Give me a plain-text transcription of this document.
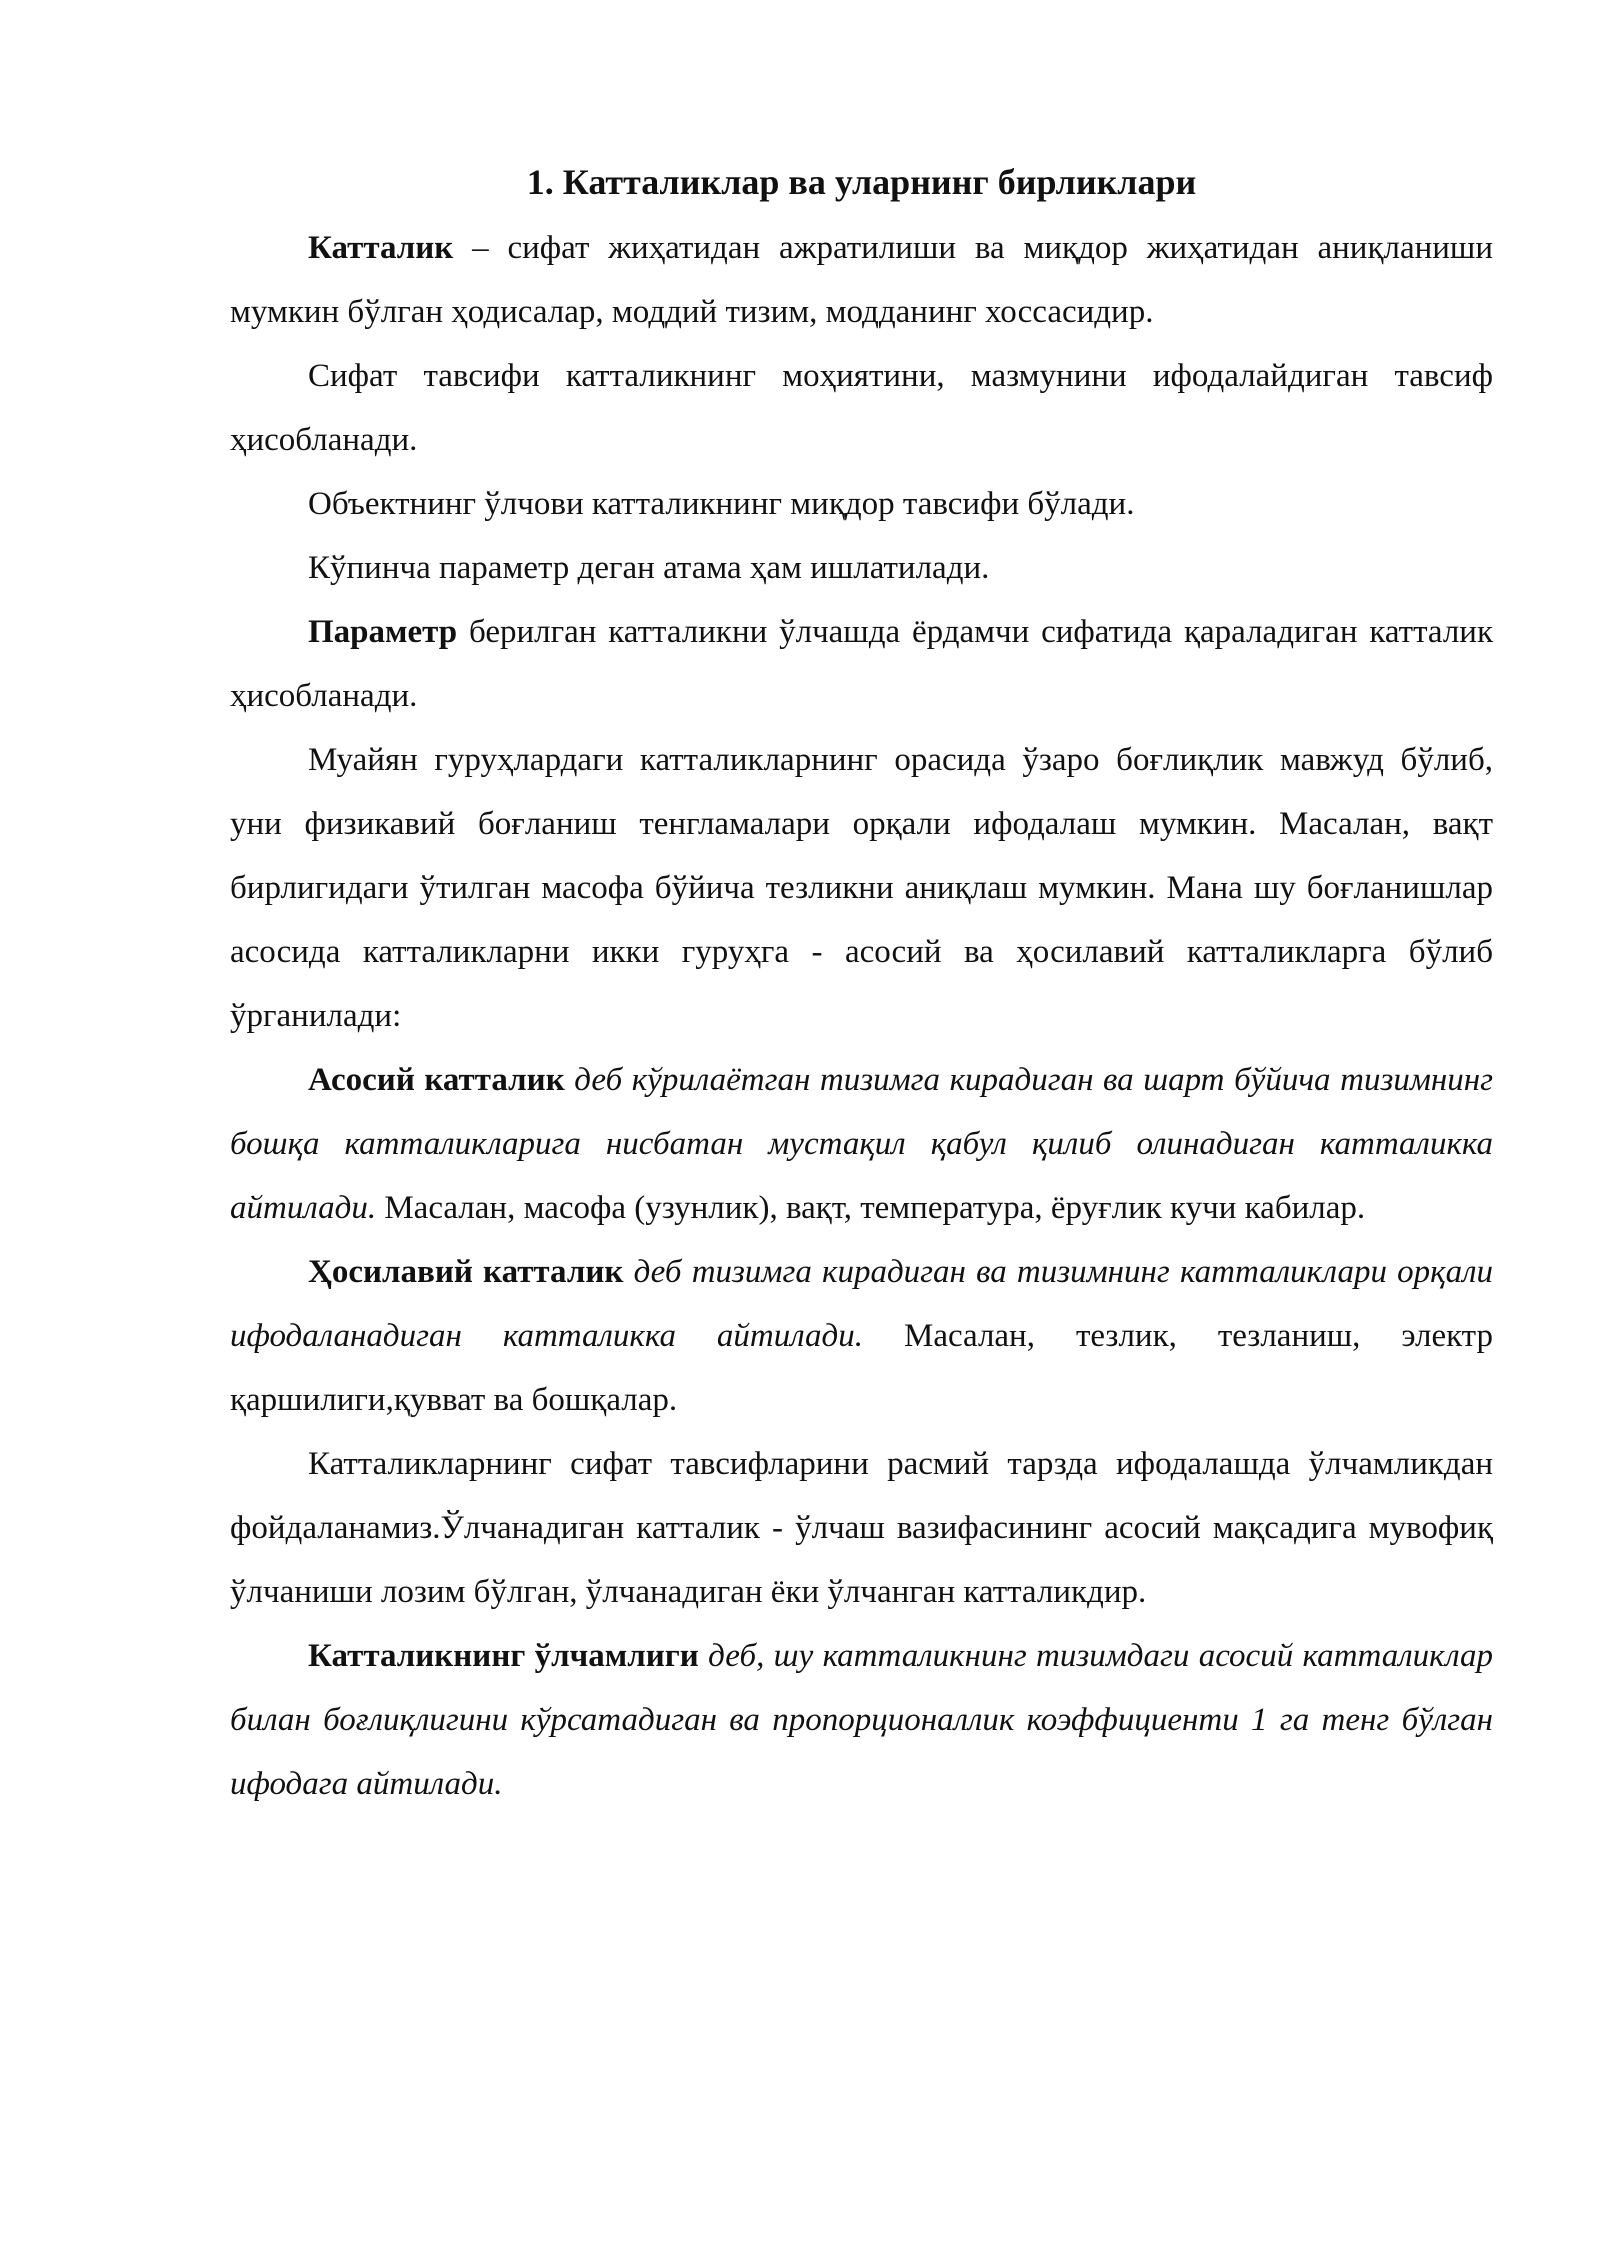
1. Катталиклар ва уларнинг бирликлари

Катталик – сифат жиҳатидан ажратилиши ва миқдор жиҳатидан аниқланиши мумкин бўлган ҳодисалар, моддий тизим, модданинг хоссасидир.

Сифат тавсифи катталикнинг моҳиятини, мазмунини ифодалайдиган тавсиф ҳисобланади.

Объектнинг ўлчови катталикнинг миқдор тавсифи бўлади.

Кўпинча параметр деган атама ҳам ишлатилади.

Параметр берилган катталикни ўлчашда ёрдамчи сифатида қараладиган катталик ҳисобланади.

Муайян гуруҳлардаги катталикларнинг орасида ўзаро боғлиқлик мавжуд бўлиб, уни физикавий боғланиш тенгламалари орқали ифодалаш мумкин. Масалан, вақт бирлигидаги ўтилган масофа бўйича тезликни аниқлаш мумкин. Мана шу боғланишлар асосида катталикларни икки гуруҳга - асосий ва ҳосилавий катталикларга бўлиб ўрганилади:

Асосий катталик деб кўрилаётган тизимга кирадиган ва шарт бўйича тизимнинг бошқа катталикларига нисбатан мустақил қабул қилиб олинадиган катталикка айтилади. Масалан, масофа (узунлик), вақт, температура, ёруғлик кучи кабилар.

Ҳосилавий катталик деб тизимга кирадиган ва тизимнинг катталиклари орқали ифодаланадиган катталикка айтилади. Масалан, тезлик, тезланиш, электр қаршилиги,қувват ва бошқалар.

Катталикларнинг сифат тавсифларини расмий тарзда ифодалашда ўлчамликдан фойдаланамиз.Ўлчанадиган катталик - ўлчаш вазифасининг асосий мақсадига мувофиқ ўлчаниши лозим бўлган, ўлчанадиган ёки ўлчанган катталикдир.

Катталикнинг ўлчамлиги деб, шу катталикнинг тизимдаги асосий катталиклар билан боғлиқлигини кўрсатадиган ва пропорционаллик коэффициенти 1 га тенг бўлган ифодага айтилади.
